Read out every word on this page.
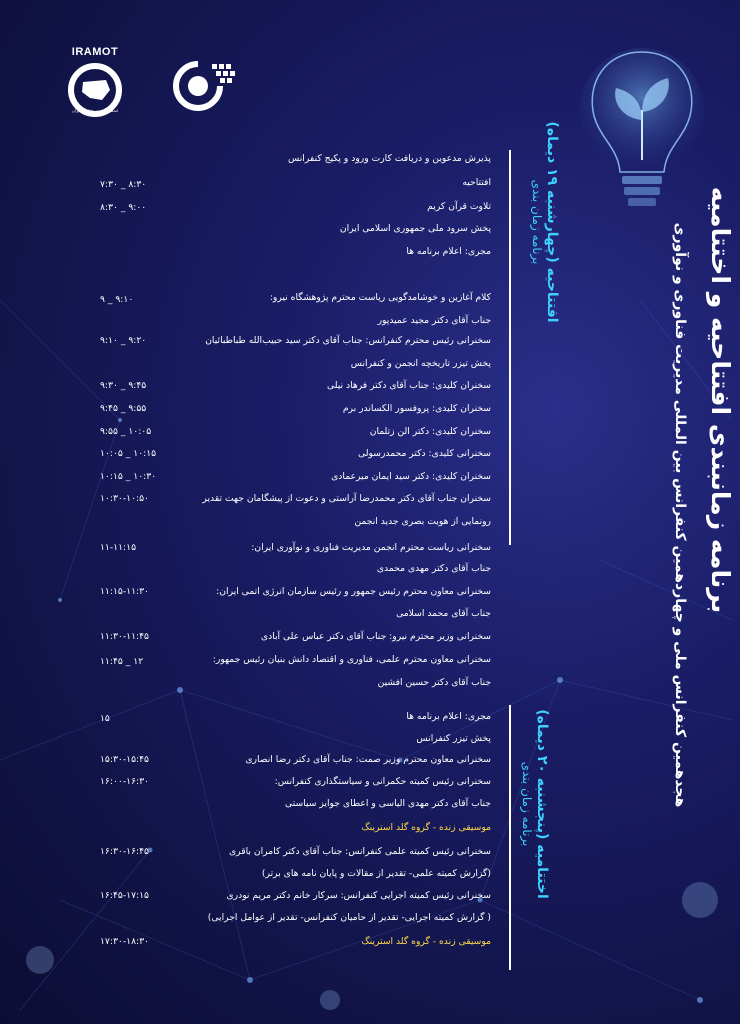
IRAMOT
انجمن مدیریت فناوری ایران
برنامه زمانبندی افتتاحیه و اختتامیه
هجدهمین کنفرانس ملی و چهاردهمین کنفرانس بین المللی مدیریت فناوری و نوآوری
افتتاحیه (چهارشنبه ۱۹ دیماه)
برنامه زمان بندی
اختتامیه (پنجشنبه ۲۰ دیماه)
برنامه زمان بندی
پذیرش مدعوین و دریافت کارت ورود و پکیج کنفرانس
افتتاحیه
۷:۳۰ _ ۸:۳۰
تلاوت قرآن کریم
۸:۳۰ _ ۹:۰۰
پخش سرود ملی جمهوری اسلامی ایران
مجری: اعلام برنامه ها
کلام آغازین و خوشامدگویی ریاست محترم پژوهشگاه نیرو:
۹ _ ۹:۱۰
جناب آقای دکتر مجید عمیدپور
سخنرانی رئیس محترم کنفرانس: جناب آقای دکتر سید حبیب‌الله طباطبائیان
۹:۱۰ _ ۹:۲۰
پخش تیزر تاریخچه انجمن و کنفرانس
سخنران کلیدی: جناب آقای دکتر فرهاد نیلی
۹:۳۰ _ ۹:۴۵
سخنران کلیدی: پروفسور الکساندر برم
۹:۴۵ _ ۹:۵۵
سخنران کلیدی: دکتر الن زتلمان
۹:۵۵ _ ۱۰:۰۵
سخنرانی کلیدی: دکتر محمدرسولی
۱۰:۰۵ _ ۱۰:۱۵
سخنران کلیدی: دکتر سید ایمان میرعمادی
۱۰:۱۵ _ ۱۰:۳۰
سخنران جناب آقای دکتر محمدرضا آراستی و دعوت از پیشگامان جهت تقدیر
۱۰:۳۰-۱۰:۵۰
رونمایی از هویت بصری جدید انجمن
سخنرانی ریاست محترم انجمن مدیریت فناوری و نوآوری ایران:
۱۱-۱۱:۱۵
جناب آقای دکتر مهدی محمدی
سخنرانی معاون محترم رئیس جمهور و رئیس سازمان انرژی اتمی ایران:
۱۱:۱۵-۱۱:۳۰
جناب آقای محمد اسلامی
سخنرانی وزیر محترم نیرو: جناب آقای دکتر عباس علی آبادی
۱۱:۳۰-۱۱:۴۵
سخنرانی معاون محترم علمی، فناوری و اقتصاد دانش بنیان رئیس جمهور:
۱۱:۴۵ _ ۱۲
جناب آقای دکتر حسین افشین
مجری: اعلام برنامه ها
۱۵
پخش تیزر کنفرانس
سخنرانی معاون محترم وزیر صمت: جناب آقای دکتر رضا انصاری
۱۵:۳۰-۱۵:۴۵
سخنرانی رئیس کمیته حکمرانی و سیاستگذاری کنفرانس:
۱۶:۰۰-۱۶:۳۰
جناب آقای دکتر مهدی الیاسی و اعطای جوایز سیاستی
موسیقی زنده - گروه گلد استرینگ
سخنرانی رئیس کمیته علمی کنفرانس: جناب آقای دکتر کامران باقری
۱۶:۳۰-۱۶:۴۵
(گزارش کمیته علمی- تقدیر از مقالات و پایان نامه های برتر)
سخنرانی رئیس کمیته اجرایی کنفرانس: سرکار خانم دکتر مریم نودری
۱۶:۴۵-۱۷:۱۵
( گزارش کمیته اجرایی- تقدیر از حامیان کنفرانس- تقدیر از عوامل اجرایی)
موسیقی زنده - گروه گلد استرینگ
۱۷:۳۰-۱۸:۳۰
